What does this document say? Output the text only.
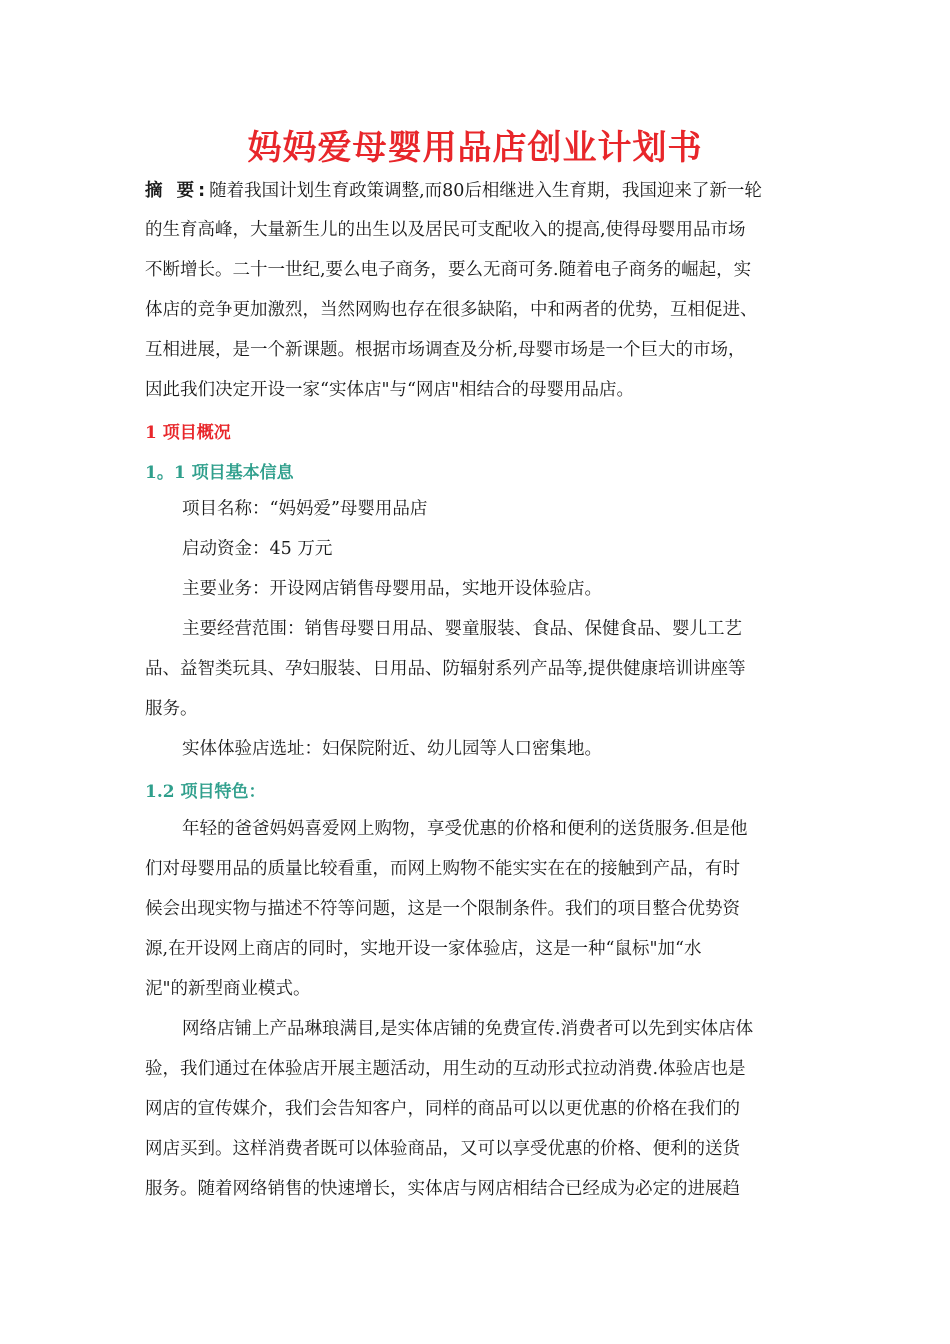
妈妈爱母婴用品店创业计划书
摘 要:随着我国计划生育政策调整,而80后相继进入生育期，我国迎来了新一轮
的生育高峰，大量新生儿的出生以及居民可支配收入的提高,使得母婴用品市场
不断增长。二十一世纪,要么电子商务，要么无商可务.随着电子商务的崛起，实
体店的竞争更加激烈，当然网购也存在很多缺陷，中和两者的优势，互相促进、
互相进展，是一个新课题。根据市场调查及分析,母婴市场是一个巨大的市场，
因此我们决定开设一家“实体店"与“网店"相结合的母婴用品店。
1 项目概况
1。1 项目基本信息
项目名称：“妈妈爱”母婴用品店
启动资金：45 万元
主要业务：开设网店销售母婴用品，实地开设体验店。
主要经营范围：销售母婴日用品、婴童服装、食品、保健食品、婴儿工艺
品、益智类玩具、孕妇服装、日用品、防辐射系列产品等,提供健康培训讲座等
服务。
实体体验店选址：妇保院附近、幼儿园等人口密集地。
1.2 项目特色：
年轻的爸爸妈妈喜爱网上购物，享受优惠的价格和便利的送货服务.但是他
们对母婴用品的质量比较看重，而网上购物不能实实在在的接触到产品，有时
候会出现实物与描述不符等问题，这是一个限制条件。我们的项目整合优势资
源,在开设网上商店的同时，实地开设一家体验店，这是一种“鼠标"加“水
泥"的新型商业模式。
网络店铺上产品琳琅满目,是实体店铺的免费宣传.消费者可以先到实体店体
验，我们通过在体验店开展主题活动，用生动的互动形式拉动消费.体验店也是
网店的宣传媒介，我们会告知客户，同样的商品可以以更优惠的价格在我们的
网店买到。这样消费者既可以体验商品，又可以享受优惠的价格、便利的送货
服务。随着网络销售的快速增长，实体店与网店相结合已经成为必定的进展趋
